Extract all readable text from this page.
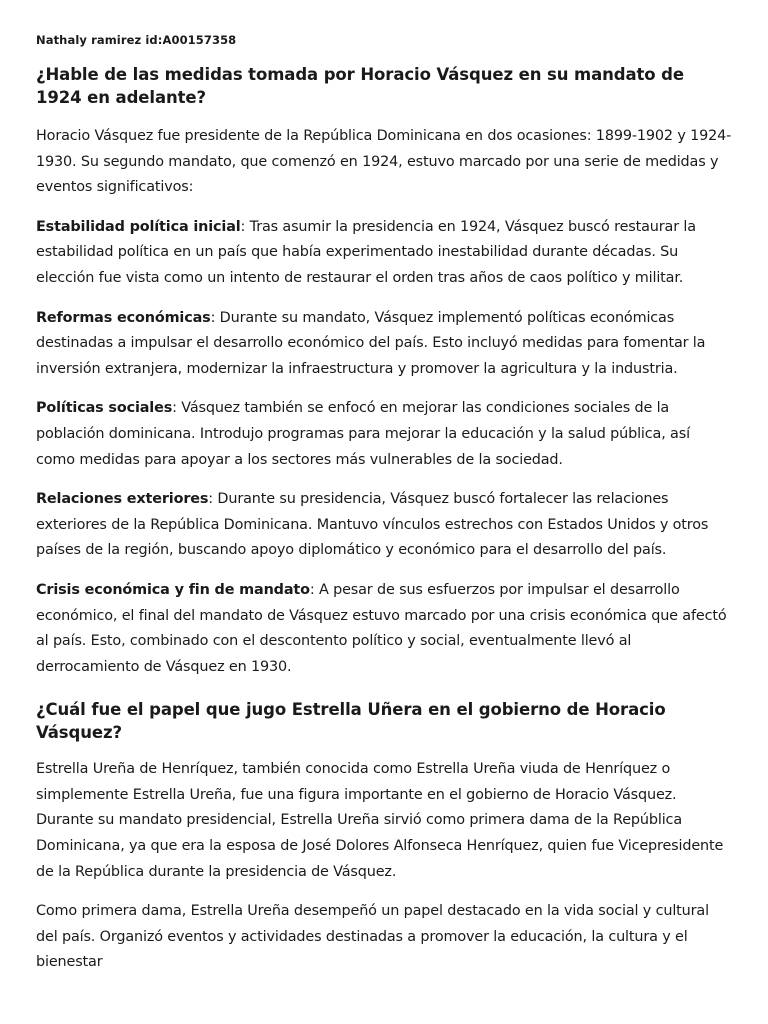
Nathaly ramirez id:A00157358
¿Hable de las medidas tomada por Horacio Vásquez en su mandato de 1924 en adelante?

Horacio Vásquez fue presidente de la República Dominicana en dos ocasiones: 1899-1902 y 1924-1930. Su segundo mandato, que comenzó en 1924, estuvo marcado por una serie de medidas y eventos significativos:

Estabilidad política inicial: Tras asumir la presidencia en 1924, Vásquez buscó restaurar la estabilidad política en un país que había experimentado inestabilidad durante décadas. Su elección fue vista como un intento de restaurar el orden tras años de caos político y militar.

Reformas económicas: Durante su mandato, Vásquez implementó políticas económicas destinadas a impulsar el desarrollo económico del país. Esto incluyó medidas para fomentar la inversión extranjera, modernizar la infraestructura y promover la agricultura y la industria.

Políticas sociales: Vásquez también se enfocó en mejorar las condiciones sociales de la población dominicana. Introdujo programas para mejorar la educación y la salud pública, así como medidas para apoyar a los sectores más vulnerables de la sociedad.

Relaciones exteriores: Durante su presidencia, Vásquez buscó fortalecer las relaciones exteriores de la República Dominicana. Mantuvo vínculos estrechos con Estados Unidos y otros países de la región, buscando apoyo diplomático y económico para el desarrollo del país.

Crisis económica y fin de mandato: A pesar de sus esfuerzos por impulsar el desarrollo económico, el final del mandato de Vásquez estuvo marcado por una crisis económica que afectó al país. Esto, combinado con el descontento político y social, eventualmente llevó al derrocamiento de Vásquez en 1930.

¿Cuál fue el papel que jugo Estrella Uñera en el gobierno de Horacio Vásquez?

Estrella Ureña de Henríquez, también conocida como Estrella Ureña viuda de Henríquez o simplemente Estrella Ureña, fue una figura importante en el gobierno de Horacio Vásquez. Durante su mandato presidencial, Estrella Ureña sirvió como primera dama de la República Dominicana, ya que era la esposa de José Dolores Alfonseca Henríquez, quien fue Vicepresidente de la República durante la presidencia de Vásquez.

Como primera dama, Estrella Ureña desempeñó un papel destacado en la vida social y cultural del país. Organizó eventos y actividades destinadas a promover la educación, la cultura y el bienestar
